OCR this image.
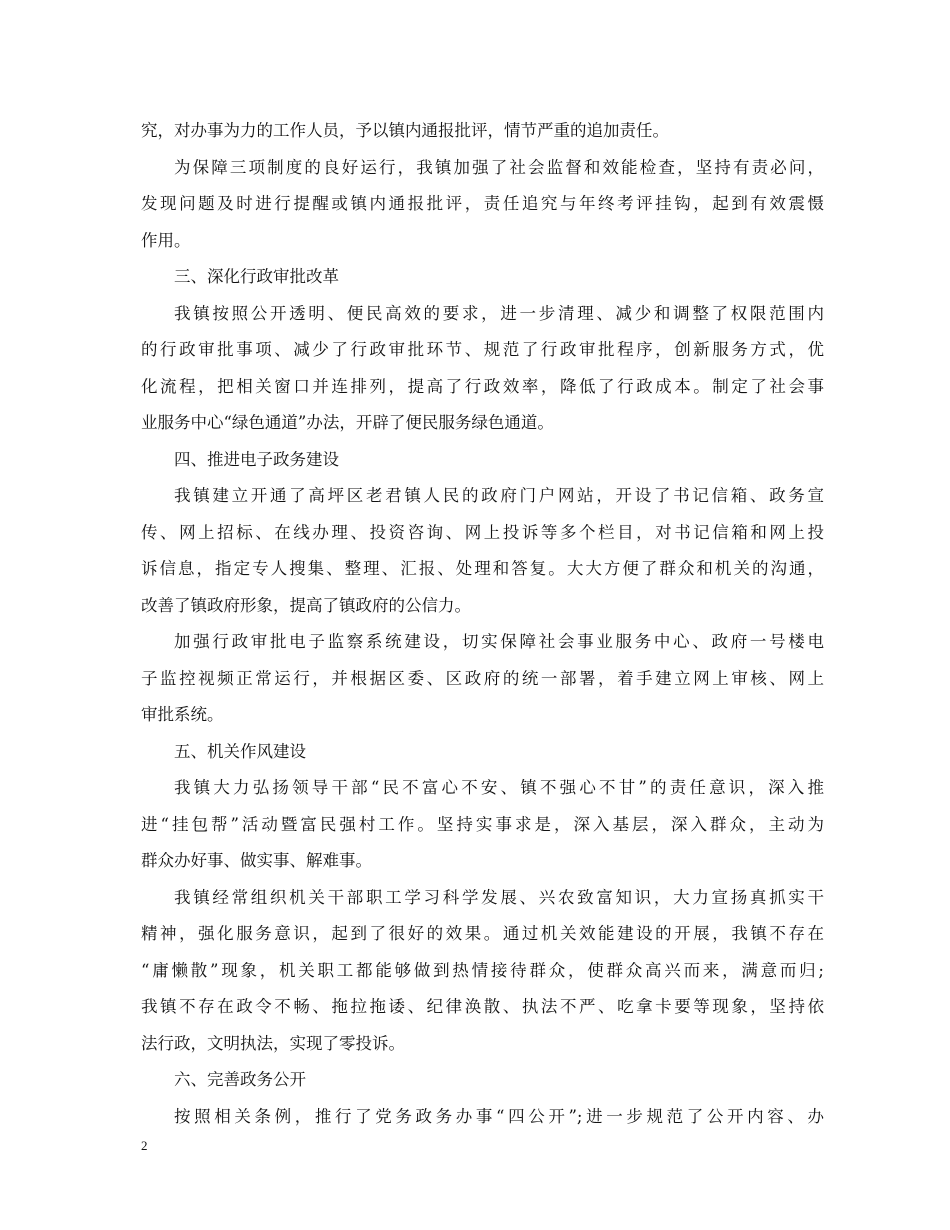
究，对办事为力的工作人员，予以镇内通报批评，情节严重的追加责任。
为保障三项制度的良好运行，我镇加强了社会监督和效能检查，坚持有责必问，
发现问题及时进行提醒或镇内通报批评，责任追究与年终考评挂钩，起到有效震慑
作用。
三、深化行政审批改革
我镇按照公开透明、便民高效的要求，进一步清理、减少和调整了权限范围内
的行政审批事项、减少了行政审批环节、规范了行政审批程序，创新服务方式，优
化流程，把相关窗口并连排列，提高了行政效率，降低了行政成本。制定了社会事
业服务中心“绿色通道”办法，开辟了便民服务绿色通道。
四、推进电子政务建设
我镇建立开通了高坪区老君镇人民的政府门户网站，开设了书记信箱、政务宣
传、网上招标、在线办理、投资咨询、网上投诉等多个栏目，对书记信箱和网上投
诉信息，指定专人搜集、整理、汇报、处理和答复。大大方便了群众和机关的沟通，
改善了镇政府形象，提高了镇政府的公信力。
加强行政审批电子监察系统建设，切实保障社会事业服务中心、政府一号楼电
子监控视频正常运行，并根据区委、区政府的统一部署，着手建立网上审核、网上
审批系统。
五、机关作风建设
我镇大力弘扬领导干部“民不富心不安、镇不强心不甘”的责任意识，深入推
进“挂包帮”活动暨富民强村工作。坚持实事求是，深入基层，深入群众，主动为
群众办好事、做实事、解难事。
我镇经常组织机关干部职工学习科学发展、兴农致富知识，大力宣扬真抓实干
精神，强化服务意识，起到了很好的效果。通过机关效能建设的开展，我镇不存在
“庸懒散”现象，机关职工都能够做到热情接待群众，使群众高兴而来，满意而归;
我镇不存在政令不畅、拖拉拖诿、纪律涣散、执法不严、吃拿卡要等现象，坚持依
法行政，文明执法，实现了零投诉。
六、完善政务公开
按照相关条例，推行了党务政务办事“四公开”;进一步规范了公开内容、办
2
